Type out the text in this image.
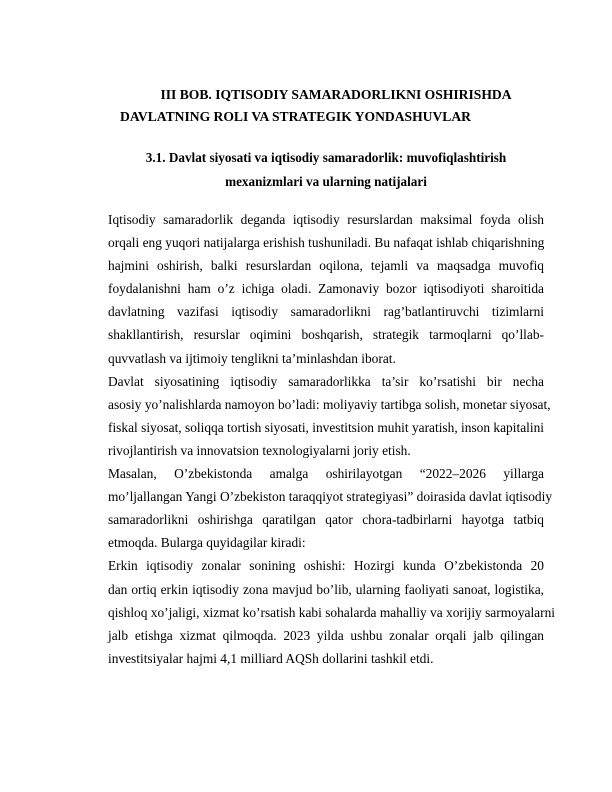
III BOB. IQTISODIY SAMARADORLIKNI OSHIRISHDA
DAVLATNING ROLI VA STRATEGIK YONDASHUVLAR
3.1. Davlat siyosati va iqtisodiy samaradorlik: muvofiqlashtirish
mexanizmlari va ularning natijalari
Iqtisodiy samaradorlik deganda iqtisodiy resurslardan maksimal foyda olish
orqali eng yuqori natijalarga erishish tushuniladi. Bu nafaqat ishlab chiqarishning
hajmini oshirish, balki resurslardan oqilona, tejamli va maqsadga muvofiq
foydalanishni ham o’z ichiga oladi. Zamonaviy bozor iqtisodiyoti sharoitida
davlatning vazifasi iqtisodiy samaradorlikni rag’batlantiruvchi tizimlarni
shakllantirish, resurslar oqimini boshqarish, strategik tarmoqlarni qo’llab-
quvvatlash va ijtimoiy tenglikni ta’minlashdan iborat.
Davlat siyosatining iqtisodiy samaradorlikka ta’sir ko’rsatishi bir necha
asosiy yo’nalishlarda namoyon bo’ladi: moliyaviy tartibga solish, monetar siyosat,
fiskal siyosat, soliqqa tortish siyosati, investitsion muhit yaratish, inson kapitalini
rivojlantirish va innovatsion texnologiyalarni joriy etish.
Masalan, O’zbekistonda amalga oshirilayotgan “2022–2026 yillarga
mo’ljallangan Yangi O’zbekiston taraqqiyot strategiyasi” doirasida davlat iqtisodiy
samaradorlikni oshirishga qaratilgan qator chora-tadbirlarni hayotga tatbiq
etmoqda. Bularga quyidagilar kiradi:
Erkin iqtisodiy zonalar sonining oshishi: Hozirgi kunda O’zbekistonda 20
dan ortiq erkin iqtisodiy zona mavjud bo’lib, ularning faoliyati sanoat, logistika,
qishloq xo’jaligi, xizmat ko’rsatish kabi sohalarda mahalliy va xorijiy sarmoyalarni
jalb etishga xizmat qilmoqda. 2023 yilda ushbu zonalar orqali jalb qilingan
investitsiyalar hajmi 4,1 milliard AQSh dollarini tashkil etdi.
